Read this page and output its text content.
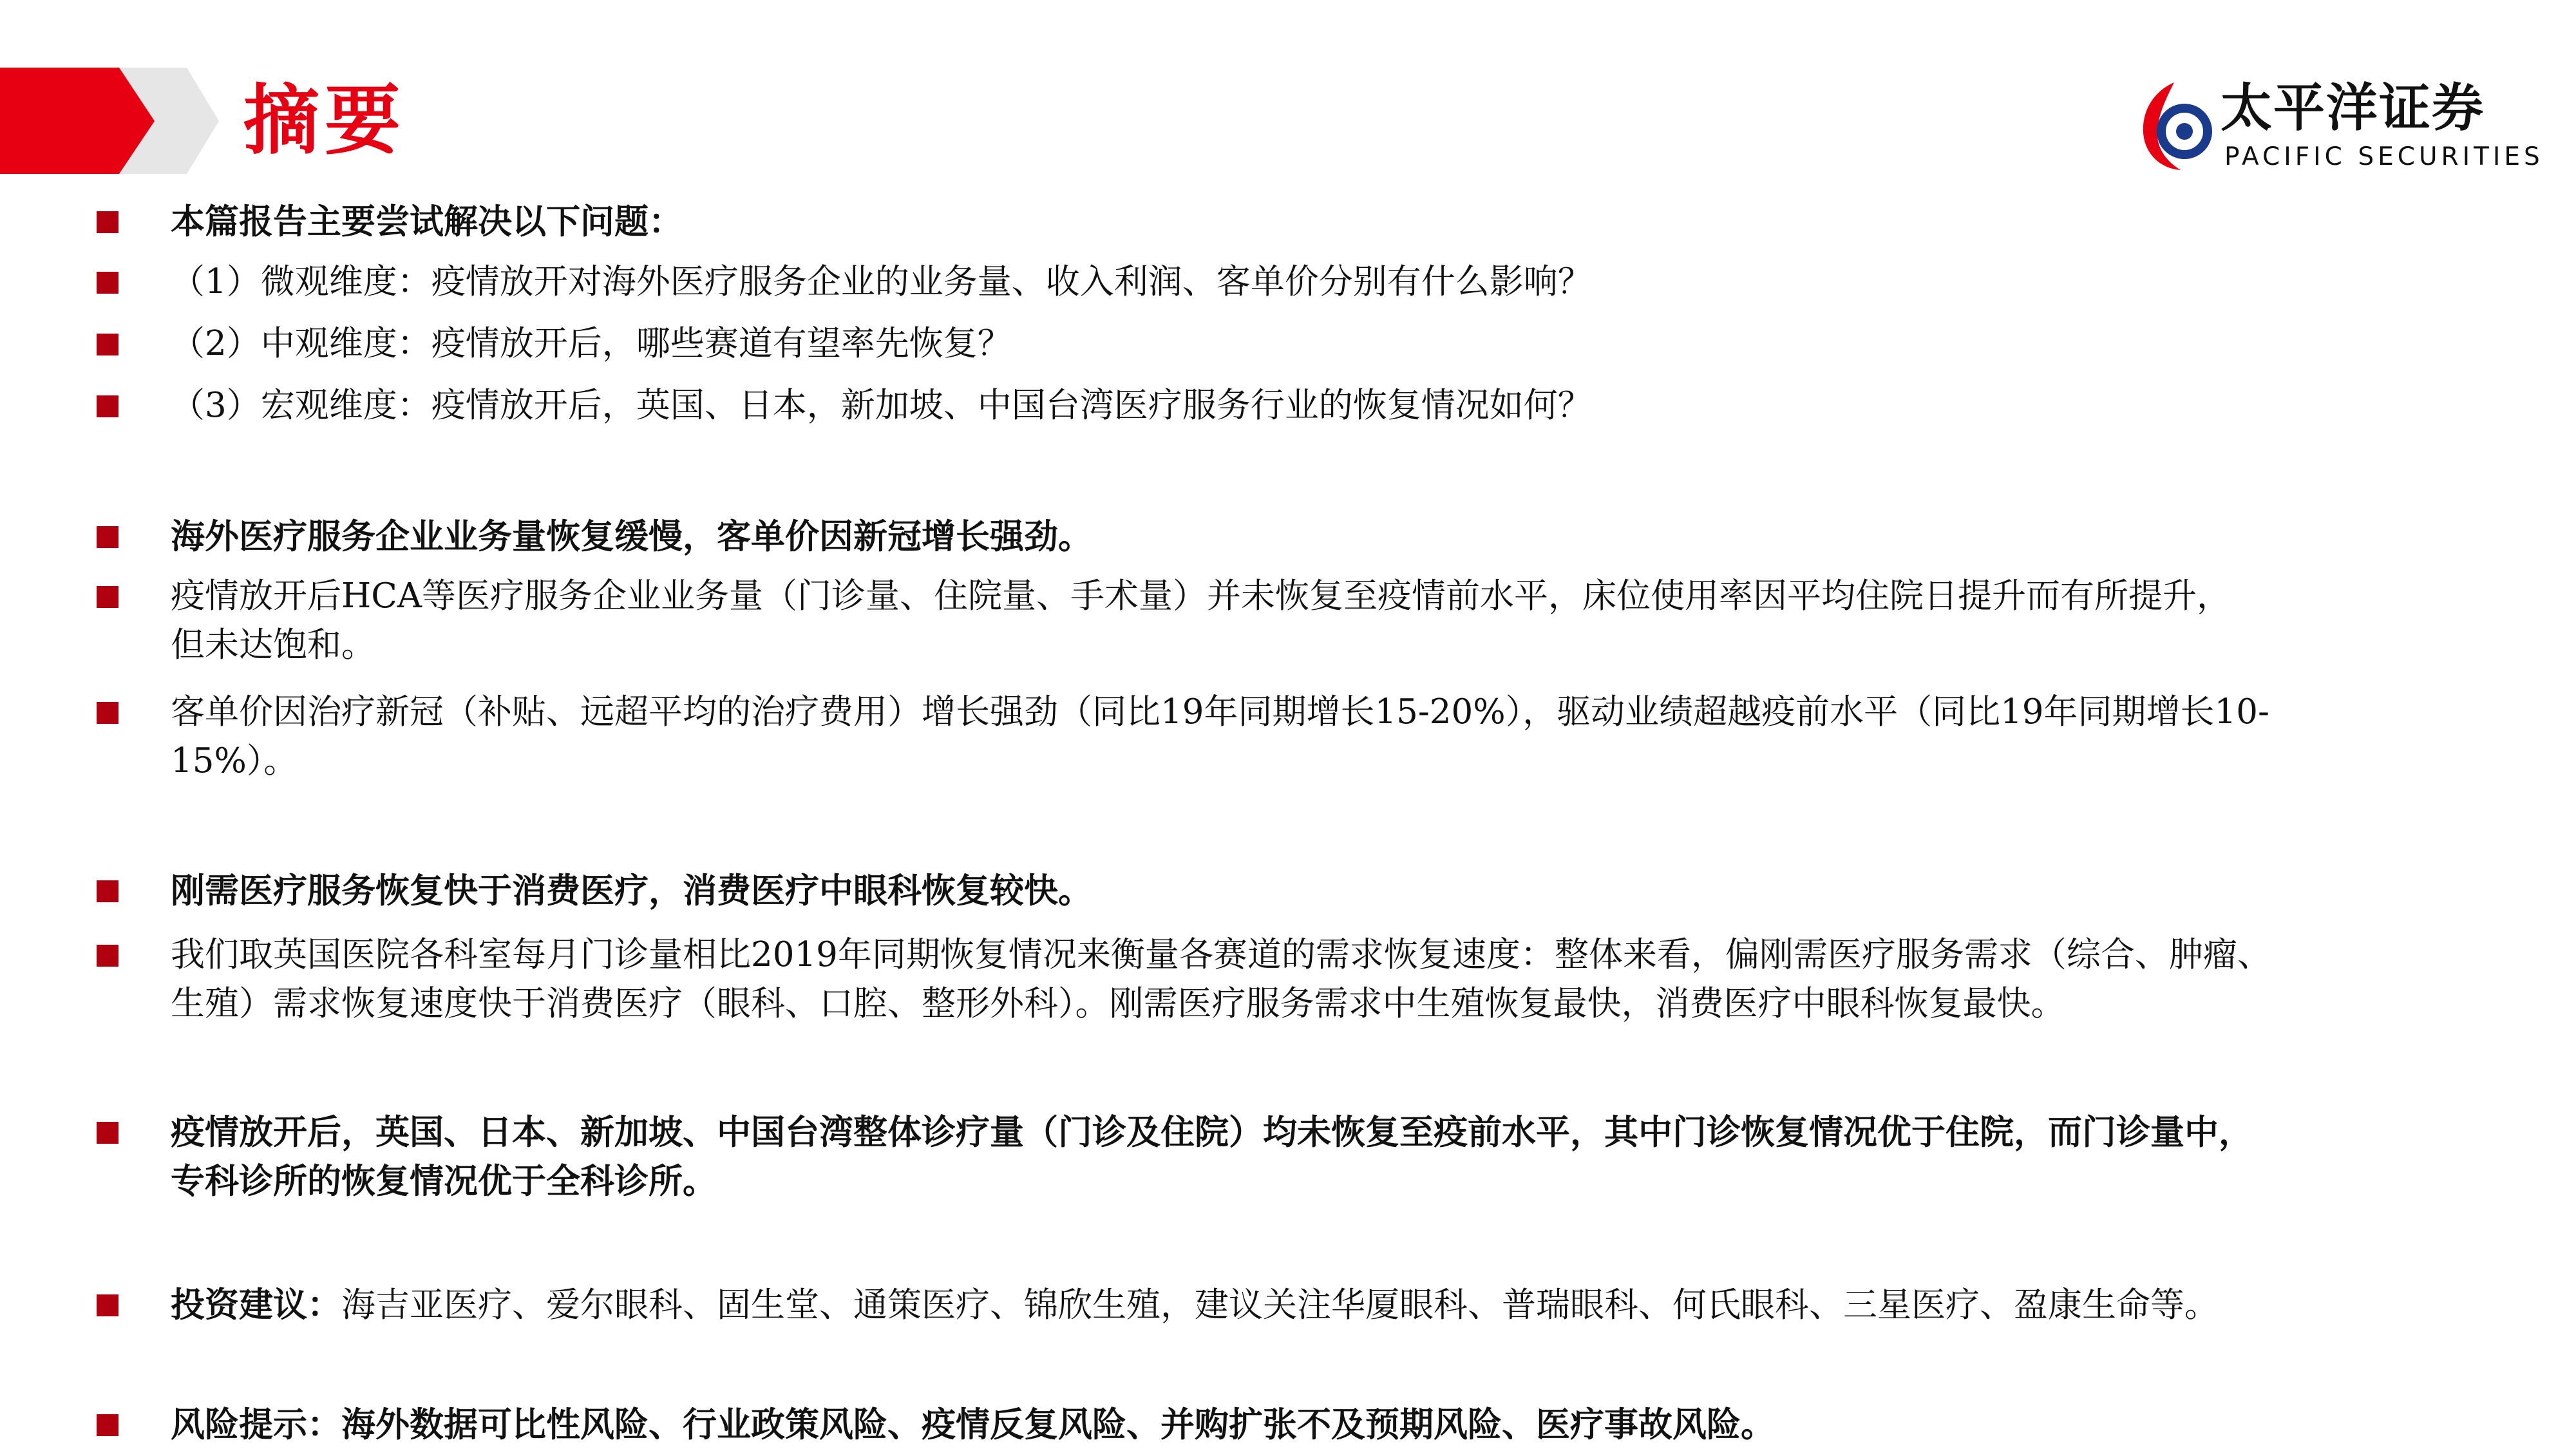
摘要	太平洋证券
PACIFIC SECURITIES
本篇报告主要尝试解决以下问题：
（1）微观维度：疫情放开对海外医疗服务企业的业务量、收入利润、客单价分别有什么影响？
（2）中观维度：疫情放开后，哪些赛道有望率先恢复？
（3）宏观维度：疫情放开后，英国、日本，新加坡、中国台湾医疗服务行业的恢复情况如何？
海外医疗服务企业业务量恢复缓慢，客单价因新冠增长强劲。
疫情放开后HCA等医疗服务企业业务量（门诊量、住院量、手术量）并未恢复至疫情前水平，床位使用率因平均住院日提升而有所提升，
但未达饱和。
客单价因治疗新冠（补贴、远超平均的治疗费用）增长强劲（同比19年同期增长15-20%），驱动业绩超越疫前水平（同比19年同期增长10-
15%）。
刚需医疗服务恢复快于消费医疗，消费医疗中眼科恢复较快。
我们取英国医院各科室每月门诊量相比2019年同期恢复情况来衡量各赛道的需求恢复速度：整体来看，偏刚需医疗服务需求（综合、肿瘤、
生殖）需求恢复速度快于消费医疗（眼科、口腔、整形外科）。刚需医疗服务需求中生殖恢复最快，消费医疗中眼科恢复最快。
疫情放开后，英国、日本、新加坡、中国台湾整体诊疗量（门诊及住院）均未恢复至疫前水平，其中门诊恢复情况优于住院，而门诊量中，
专科诊所的恢复情况优于全科诊所。
投资建议：海吉亚医疗、爱尔眼科、固生堂、通策医疗、锦欣生殖，建议关注华厦眼科、普瑞眼科、何氏眼科、三星医疗、盈康生命等。
风险提示：海外数据可比性风险、行业政策风险、疫情反复风险、并购扩张不及预期风险、医疗事故风险。
